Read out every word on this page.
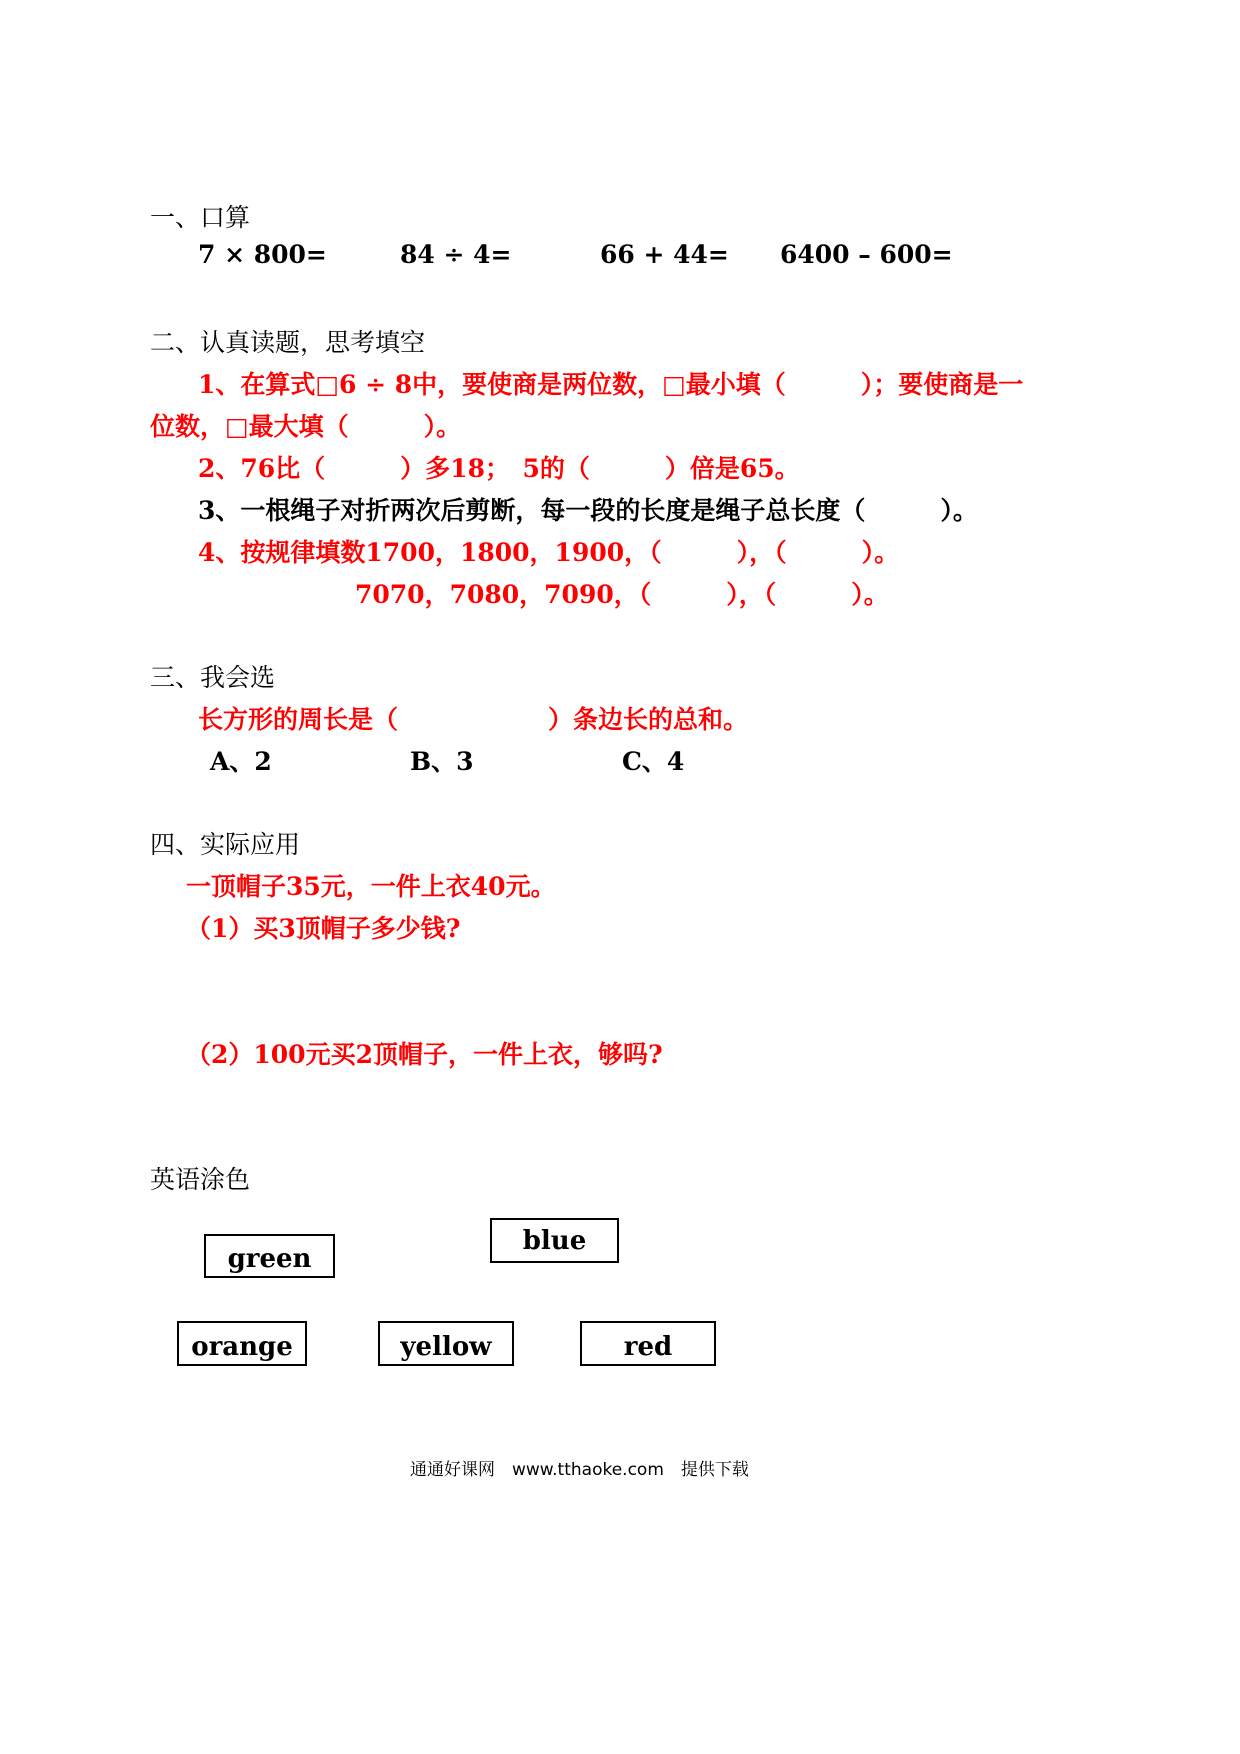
一、口算
7 × 800=	84 ÷ 4=	66 + 44= 6400 – 600=
二、认真读题，思考填空
1、在算式□6 ÷ 8中，要使商是两位数，□最小填（　　　）；要使商是一
位数，□最大填（　　　）。
2、76比（　　　）多18；　5的（　　　）倍是65。
3、一根绳子对折两次后剪断，每一段的长度是绳子总长度（　　　）。
4、按规律填数1700，1800，1900，（　　　），（　　　）。
7070，7080，7090，（　　　），（　　　）。
三、我会选
长方形的周长是（　　　　　　）条边长的总和。
A、2	B、3	C、4
四、实际应用
一顶帽子35元，一件上衣40元。
（1）买3顶帽子多少钱?
（2）100元买2顶帽子，一件上衣，够吗?
英语涂色
green
blue
orange	yellow	red
通通好课网　www.tthaoke.com　提供下载
